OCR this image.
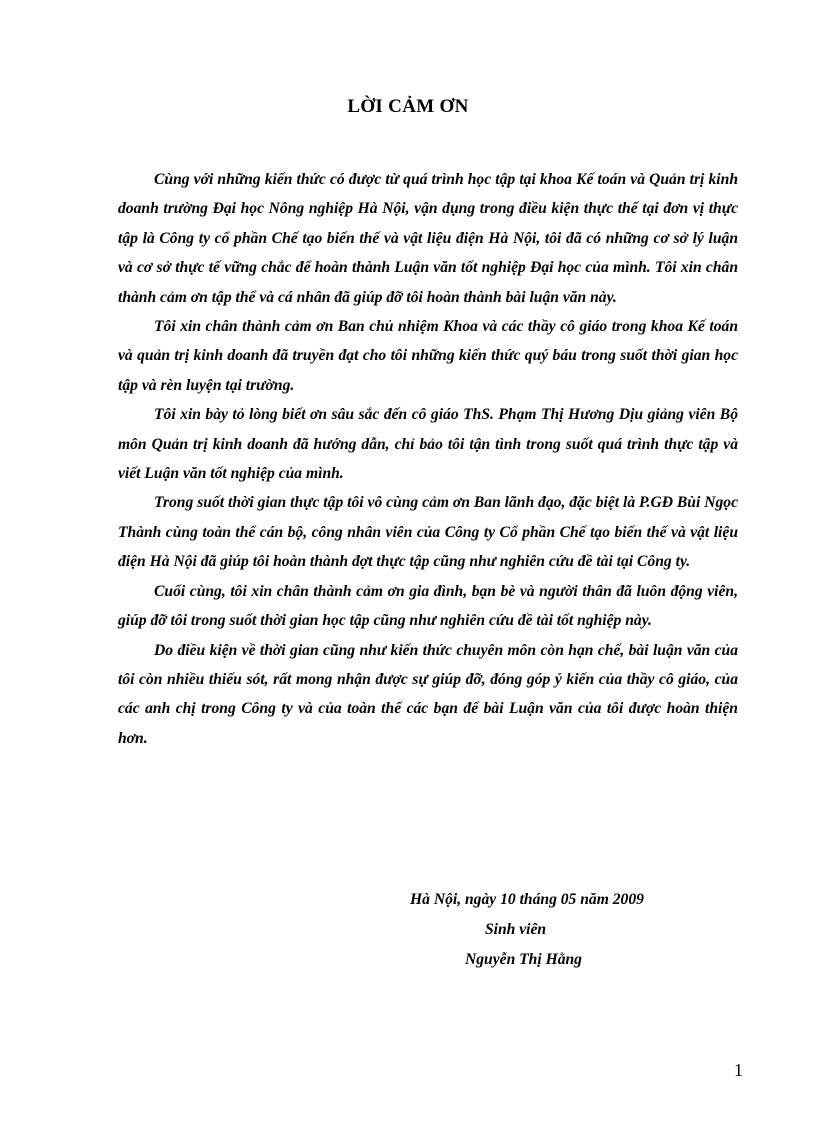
LỜI CẢM ƠN

Cùng với những kiến thức có được từ quá trình học tập tại khoa Kế toán và Quản trị kinh doanh trường Đại học Nông nghiệp Hà Nội, vận dụng trong điều kiện thực thế tại đơn vị thực tập là Công ty cổ phần Chế tạo biến thế và vật liệu điện Hà Nội, tôi đã có những cơ sở lý luận và cơ sở thực tế vững chắc để hoàn thành Luận văn tốt nghiệp Đại học của mình. Tôi xin chân thành cảm ơn tập thể và cá nhân đã giúp đỡ tôi hoàn thành bài luận văn này.

Tôi xin chân thành cảm ơn Ban chủ nhiệm Khoa và các thầy cô giáo trong khoa Kế toán và quản trị kinh doanh đã truyền đạt cho tôi những kiến thức quý báu trong suốt thời gian học tập và rèn luyện tại trường.

Tôi xin bày tỏ lòng biết ơn sâu sắc đến cô giáo ThS. Phạm Thị Hương Dịu giảng viên Bộ môn Quản trị kinh doanh đã hướng dẫn, chỉ bảo tôi tận tình trong suốt quá trình thực tập và viết Luận văn tốt nghiệp của mình.

Trong suốt thời gian thực tập tôi vô cùng cảm ơn Ban lãnh đạo, đặc biệt là P.GĐ Bùi Ngọc Thành cùng toàn thể cán bộ, công nhân viên của Công ty Cổ phần Chế tạo biến thế và vật liệu điện Hà Nội đã giúp tôi hoàn thành đợt thực tập cũng như nghiên cứu đề tài tại Công ty.

Cuối cùng, tôi xin chân thành cảm ơn gia đình, bạn bè và người thân đã luôn động viên, giúp đỡ tôi trong suốt thời gian học tập cũng như nghiên cứu đề tài tốt nghiệp này.

Do điều kiện về thời gian cũng như kiến thức chuyên môn còn hạn chế, bài luận văn của tôi còn nhiều thiếu sót, rất mong nhận được sự giúp đỡ, đóng góp ý kiến của thầy cô giáo, của các anh chị trong Công ty và của toàn thể các bạn để bài Luận văn của tôi được hoàn thiện hơn.

Hà Nội, ngày 10 tháng 05 năm 2009
Sinh viên
Nguyễn Thị Hằng
1
